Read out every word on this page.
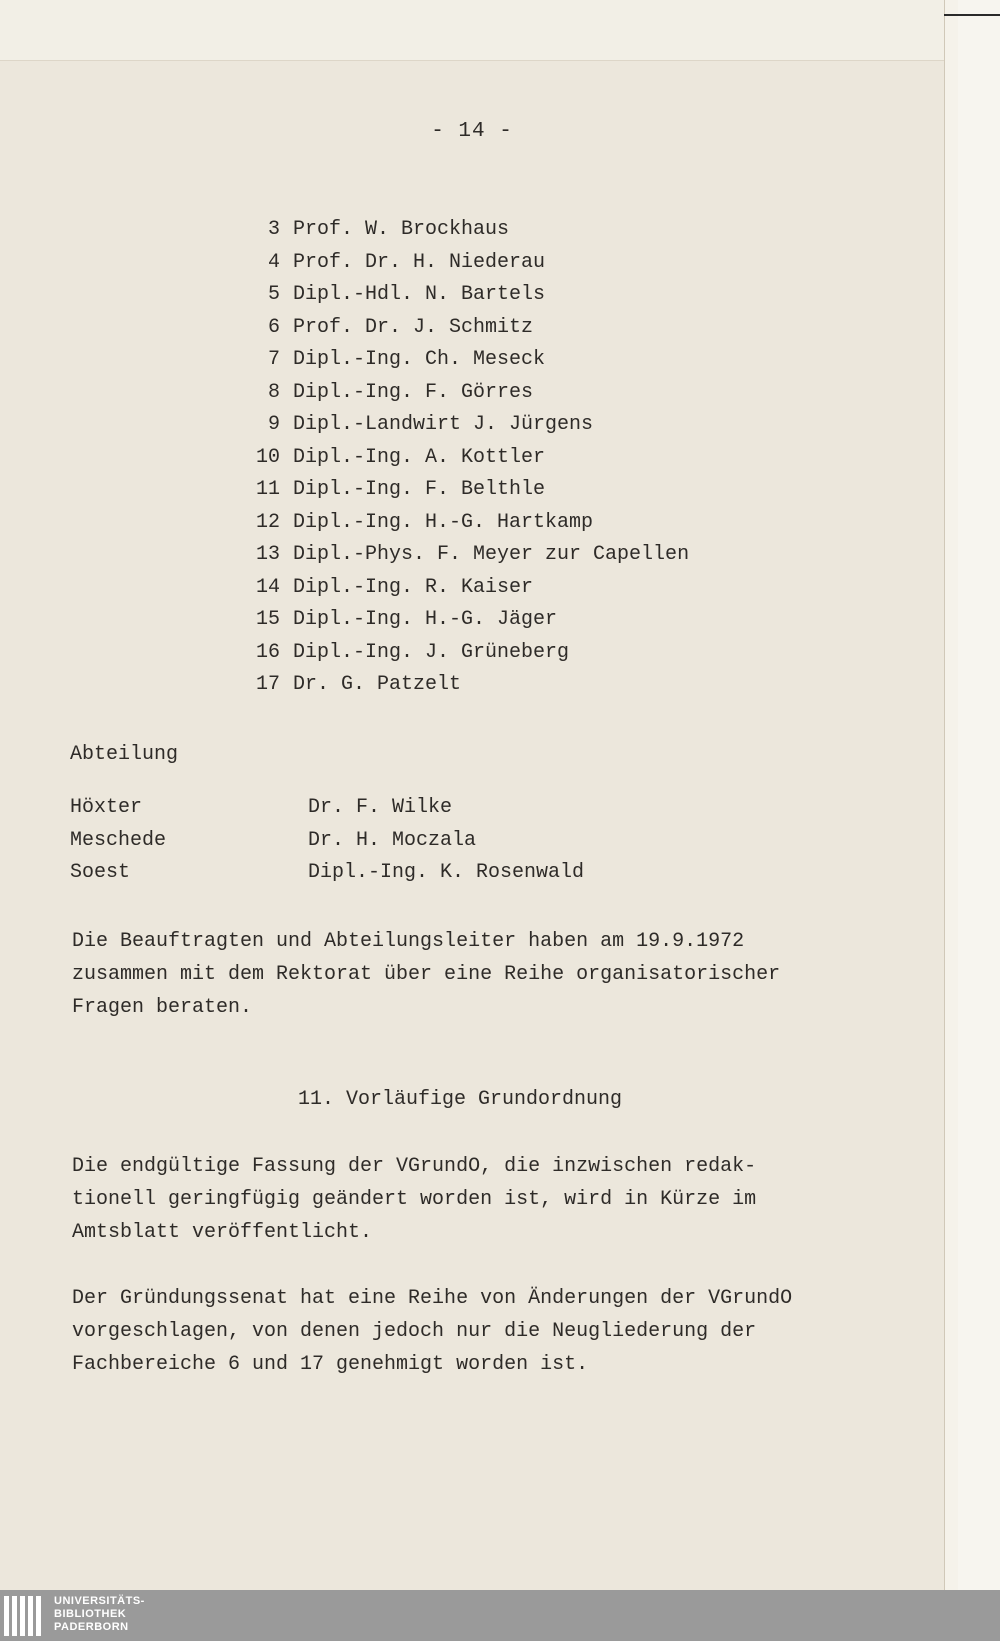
- 14 -
3 Prof. W. Brockhaus
4 Prof. Dr. H. Niederau
5 Dipl.-Hdl. N. Bartels
6 Prof. Dr. J. Schmitz
7 Dipl.-Ing. Ch. Meseck
8 Dipl.-Ing. F. Görres
9 Dipl.-Landwirt J. Jürgens
10 Dipl.-Ing. A. Kottler
11 Dipl.-Ing. F. Belthle
12 Dipl.-Ing. H.-G. Hartkamp
13 Dipl.-Phys. F. Meyer zur Capellen
14 Dipl.-Ing. R. Kaiser
15 Dipl.-Ing. H.-G. Jäger
16 Dipl.-Ing. J. Grüneberg
17 Dr. G. Patzelt
Abteilung
Höxter	Dr. F. Wilke
Meschede	Dr. H. Moczala
Soest	Dipl.-Ing. K. Rosenwald
Die Beauftragten und Abteilungsleiter haben am 19.9.1972
zusammen mit dem Rektorat über eine Reihe organisatorischer
Fragen beraten.
11. Vorläufige Grundordnung
Die endgültige Fassung der VGrundO, die inzwischen redak-
tionell geringfügig geändert worden ist, wird in Kürze im
Amtsblatt veröffentlicht.
Der Gründungssenat hat eine Reihe von Änderungen der VGrundO
vorgeschlagen, von denen jedoch nur die Neugliederung der
Fachbereiche 6 und 17 genehmigt worden ist.
UNIVERSITÄTS-
BIBLIOTHEK
PADERBORN
